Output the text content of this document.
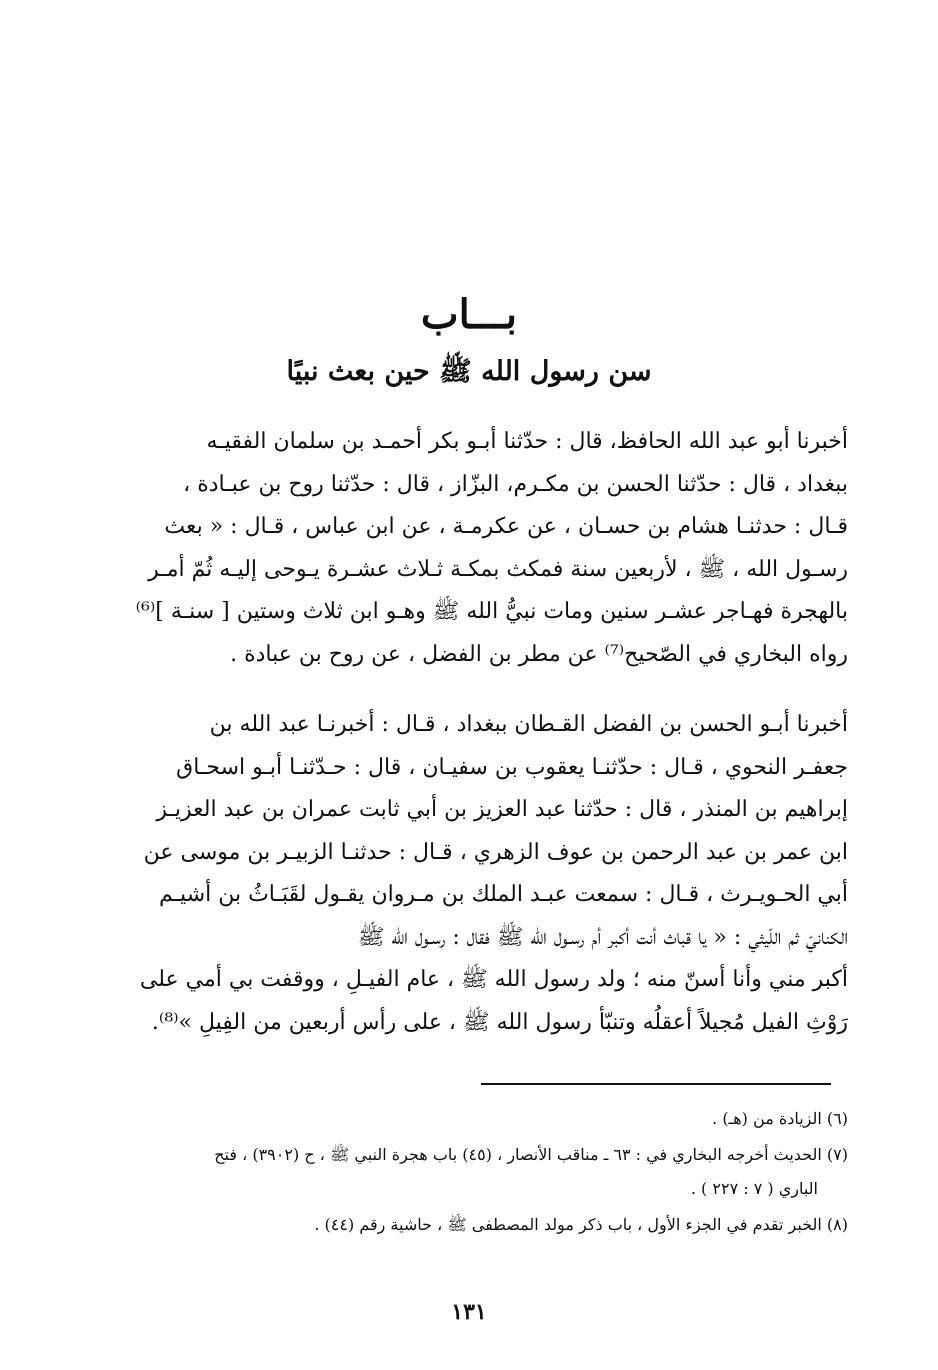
بـــاب
سن رسول الله ﷺ حين بعث نبيًا
أخبرنا أبو عبد الله الحافظ، قال : حدّثنا أبـو بكر أحمـد بن سلمان الفقيـه
ببغداد ، قال : حدّثنا الحسن بن مكـرم، البزّاز ، قال : حدّثنا روح بن عبـادة ،
قـال : حدثنـا هشام بن حسـان ، عن عكرمـة ، عن ابن عباس ، قـال : « بعث
رسـول الله ، ﷺ ، لأربعين سنة فمكث بمكـة ثـلاث عشـرة يـوحى إليـه ثُمّ أمـر
بالهجرة فهـاجر عشـر سنين ومات نبيُّ الله ﷺ وهـو ابن ثلاث وستين [ سنـة ]⁽⁶⁾
رواه البخاري في الصّحيح⁽⁷⁾ عن مطر بن الفضل ، عن روح بن عبادة .
أخبرنا أبـو الحسن بن الفضل القـطان ببغداد ، قـال : أخبرنـا عبد الله بن
جعفـر النحوي ، قـال : حدّثنـا يعقوب بن سفيـان ، قال : حـدّثنـا أبـو اسحـاق
إبراهيم بن المنذر ، قال : حدّثنا عبد العزيز بن أبي ثابت عمران بن عبد العزيـز
ابن عمر بن عبد الرحمن بن عوف الزهري ، قـال : حدثنـا الزبيـر بن موسى عن
أبي الحـويـرث ، قـال : سمعت عبـد الملك بن مـروان يقـول لقَبَـاثُ بن أشيـم
الكنانيّ ثم اللّيثي : « يا قباث أنت أكبر أم رسـول الله ﷺ فقال : رسـول الله ﷺ
أكبر مني وأنا أسنّ منه ؛ ولد رسول الله ﷺ ، عام الفيـلِ ، ووقفت بي أمي على
رَوْثِ الفيل مُجيلاً أعقلُه وتنبّأ رسول الله ﷺ ، على رأس أربعين من الفِيلِ »⁽⁸⁾.
(٦) الزيادة من (هـ) .
(٧) الحديث أخرجه البخاري في : ٦٣ ـ مناقب الأنصار ، (٤٥) باب هجرة النبي ﷺ ، ح (٣٩٠٢) ، فتح
الباري ( ٧ : ٢٢٧ ) .
(٨) الخبر تقدم في الجزء الأول ، باب ذكر مولد المصطفى ﷺ ، حاشية رقم (٤٤) .
١٣١
